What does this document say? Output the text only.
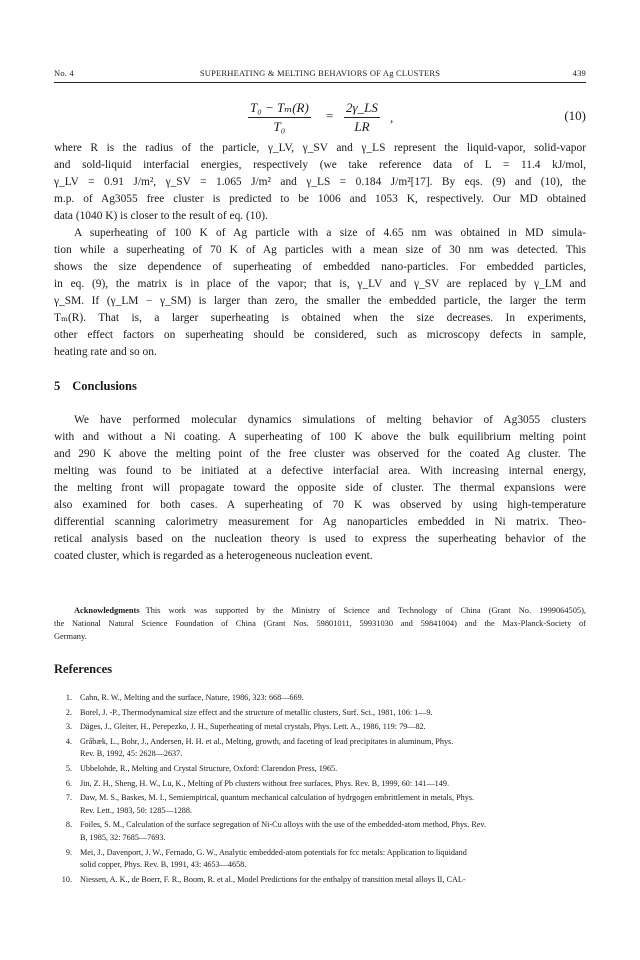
No. 4	SUPERHEATING & MELTING BEHAVIORS OF Ag CLUSTERS	439
$\frac{\text{T₀ − Tₘ(R)}}{\text{T₀}} = \frac{2\gamma\_LS}{LR}$ ,	(10)

where R is the radius of the particle, γ_LV, γ_SV and γ_LS represent the liquid-vapor, solid-vapor

and sold-liquid interfacial energies, respectively (we take reference data of L = 11.4 kJ/mol,

γ_LV = 0.91 J/m², γ_SV = 1.065 J/m² and γ_LS = 0.184 J/m²[17]. By eqs. (9) and (10), the

m.p. of Ag3055 free cluster is predicted to be 1006 and 1053 K, respectively. Our MD obtained

data (1040 K) is closer to the result of eq. (10).

A superheating of 100 K of Ag particle with a size of 4.65 nm was obtained in MD simula-

tion while a superheating of 70 K of Ag particles with a mean size of 30 nm was detected. This

shows the size dependence of superheating of embedded nano-particles. For embedded particles,

in eq. (9), the matrix is in place of the vapor; that is, γ_LV and γ_SV are replaced by γ_LM and

γ_SM. If (γ_LM − γ_SM) is larger than zero, the smaller the embedded particle, the larger the term

Tₘ(R). That is, a larger superheating is obtained when the size decreases. In experiments,

other effect factors on superheating should be considered, such as microscopy defects in sample,

heating rate and so on.

5 Conclusions

We have performed molecular dynamics simulations of melting behavior of Ag3055 clusters

with and without a Ni coating. A superheating of 100 K above the bulk equilibrium melting point

and 290 K above the melting point of the free cluster was observed for the coated Ag cluster. The

melting was found to be initiated at a defective interfacial area. With increasing internal energy,

the melting front will propagate toward the opposite side of cluster. The thermal expansions were

also examined for both cases. A superheating of 70 K was observed by using high-temperature

differential scanning calorimetry measurement for Ag nanoparticles embedded in Ni matrix. Theo-

retical analysis based on the nucleation theory is used to express the superheating behavior of the

coated cluster, which is regarded as a heterogeneous nucleation event.

Acknowledgments This work was supported by the Ministry of Science and Technology of China (Grant No. 1999064505),

the National Natural Science Foundation of China (Grant Nos. 59801011, 59931030 and 59841004) and the Max-Planck-Society of

Germany.

References
1. Cahn, R. W., Melting and the surface, Nature, 1986, 323: 668—669.
2. Borel, J. -P., Thermodynamical size effect and the structure of metallic clusters, Surf. Sci., 1981, 106: 1—9.
3. Däges, J., Gleiter, H., Perepezko, J. H., Superheating of metal crystals, Phys. Lett. A., 1986, 119: 79—82.
4. Gråbæk, L., Bohr, J., Andersen, H. H. et al., Melting, growth, and faceting of lead precipitates in aluminum, Phys.
Rev. B, 1992, 45: 2628—2637.
5. Ubbelohde, R., Melting and Crystal Structure, Oxford: Clarendon Press, 1965.
6. Jin, Z. H., Sheng, H. W., Lu, K., Melting of Pb clusters without free surfaces, Phys. Rev. B, 1999, 60: 141—149.
7. Daw, M. S., Baskes, M. I., Semiempirical, quantum mechanical calculation of hydrgogen embrittlement in metals, Phys.
Rev. Lett., 1983, 50: 1285—1288.
8. Foiles, S. M., Calculation of the surface segregation of Ni-Cu alloys with the use of the embedded-atom method, Phys. Rev.
B, 1985, 32: 7685—7693.
9. Mei, J., Davenport, J. W., Fernado, G. W., Analytic embedded-atom potentials for fcc metals: Application to liquidand
solid copper, Phys. Rev. B, 1991, 43: 4653—4658.
10. Niessen, A. K., de Boerr, F. R., Boom, R. et al., Model Predictions for the enthalpy of transition metal alloys II, CAL-
